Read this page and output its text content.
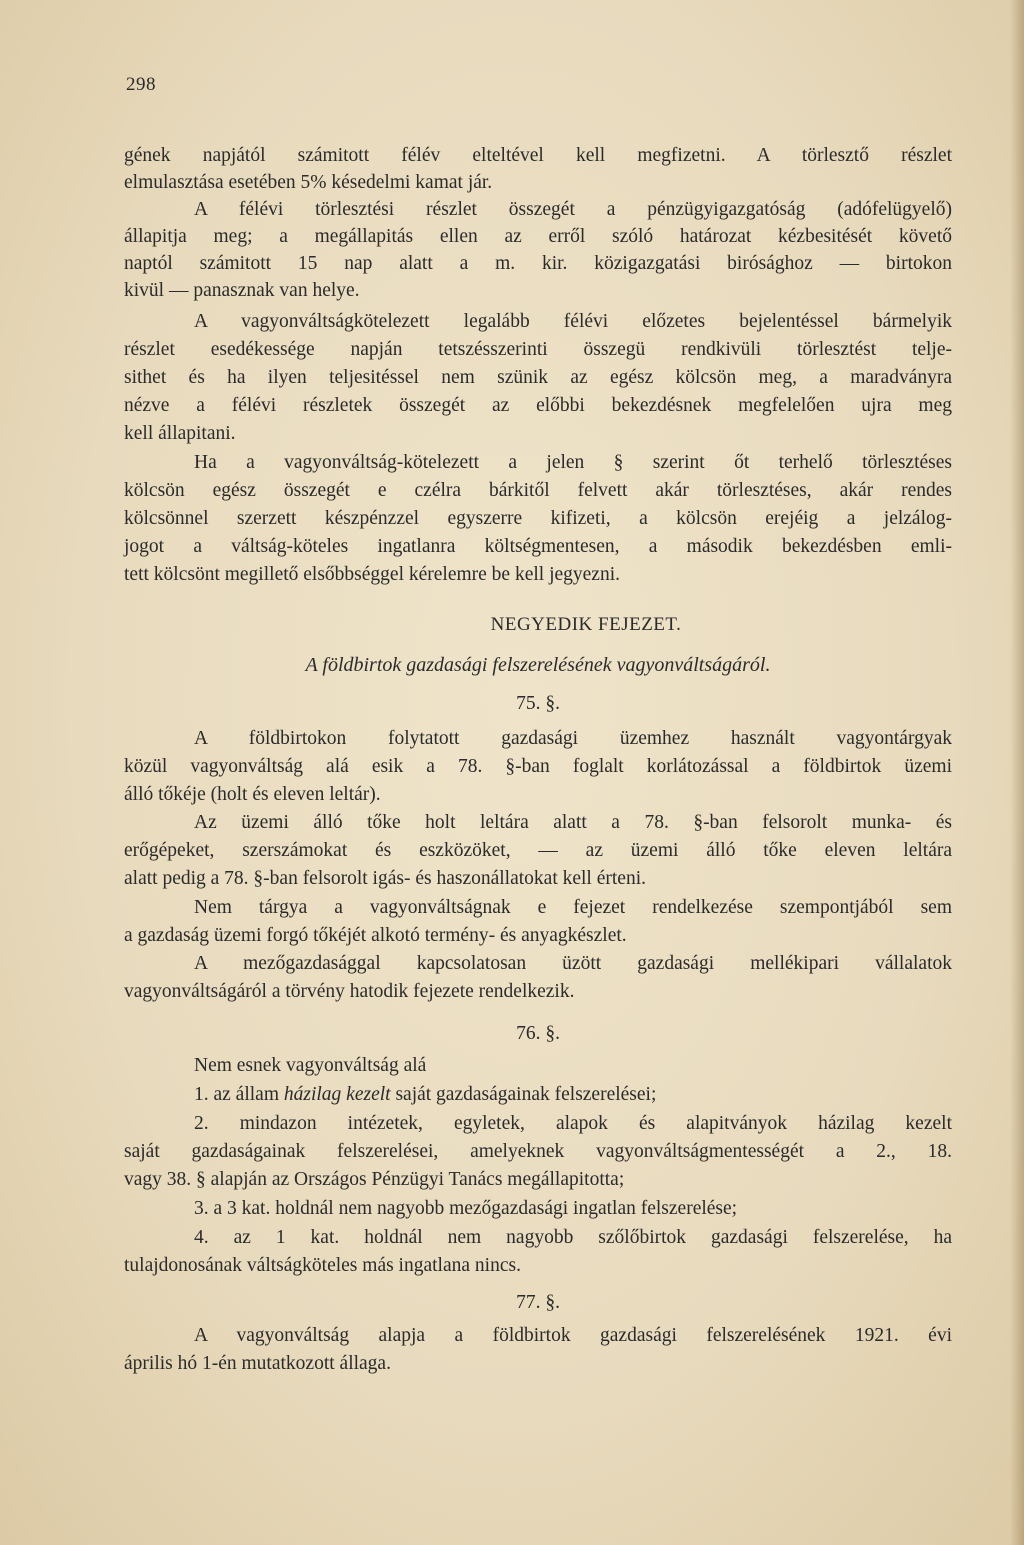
298
gének napjától számitott félév elteltével kell megfizetni. A törlesztő részlet
elmulasztása esetében 5% késedelmi kamat jár.
A félévi törlesztési részlet összegét a pénzügyigazgatóság (adófelügyelő)
állapitja meg; a megállapitás ellen az erről szóló határozat kézbesitését követő
naptól számitott 15 nap alatt a m. kir. közigazgatási birósághoz — birtokon
kivül — panasznak van helye.
A vagyonváltságkötelezett legalább félévi előzetes bejelentéssel bármelyik
részlet esedékessége napján tetszésszerinti összegü rendkivüli törlesztést telje-
sithet és ha ilyen teljesitéssel nem szünik az egész kölcsön meg, a maradványra
nézve a félévi részletek összegét az előbbi bekezdésnek megfelelően ujra meg
kell állapitani.
Ha a vagyonváltság-kötelezett a jelen § szerint őt terhelő törlesztéses
kölcsön egész összegét e czélra bárkitől felvett akár törlesztéses, akár rendes
kölcsönnel szerzett készpénzzel egyszerre kifizeti, a kölcsön erejéig a jelzálog-
jogot a váltság-köteles ingatlanra költségmentesen, a második bekezdésben emli-
tett kölcsönt megillető elsőbbséggel kérelemre be kell jegyezni.
NEGYEDIK FEJEZET.
A földbirtok gazdasági felszerelésének vagyonváltságáról.
75. §.
A földbirtokon folytatott gazdasági üzemhez használt vagyontárgyak
közül vagyonváltság alá esik a 78. §-ban foglalt korlátozással a földbirtok üzemi
álló tőkéje (holt és eleven leltár).
Az üzemi álló tőke holt leltára alatt a 78. §-ban felsorolt munka- és
erőgépeket, szerszámokat és eszközöket, — az üzemi álló tőke eleven leltára
alatt pedig a 78. §-ban felsorolt igás- és haszonállatokat kell érteni.
Nem tárgya a vagyonváltságnak e fejezet rendelkezése szempontjából sem
a gazdaság üzemi forgó tőkéjét alkotó termény- és anyagkészlet.
A mezőgazdasággal kapcsolatosan üzött gazdasági mellékipari vállalatok
vagyonváltságáról a törvény hatodik fejezete rendelkezik.
76. §.
Nem esnek vagyonváltság alá
1. az állam házilag kezelt saját gazdaságainak felszerelései;
2. mindazon intézetek, egyletek, alapok és alapitványok házilag kezelt
saját gazdaságainak felszerelései, amelyeknek vagyonváltságmentességét a 2., 18.
vagy 38. § alapján az Országos Pénzügyi Tanács megállapitotta;
3. a 3 kat. holdnál nem nagyobb mezőgazdasági ingatlan felszerelése;
4. az 1 kat. holdnál nem nagyobb szőlőbirtok gazdasági felszerelése, ha
tulajdonosának váltságköteles más ingatlana nincs.
77. §.
A vagyonváltság alapja a földbirtok gazdasági felszerelésének 1921. évi
április hó 1-én mutatkozott állaga.
